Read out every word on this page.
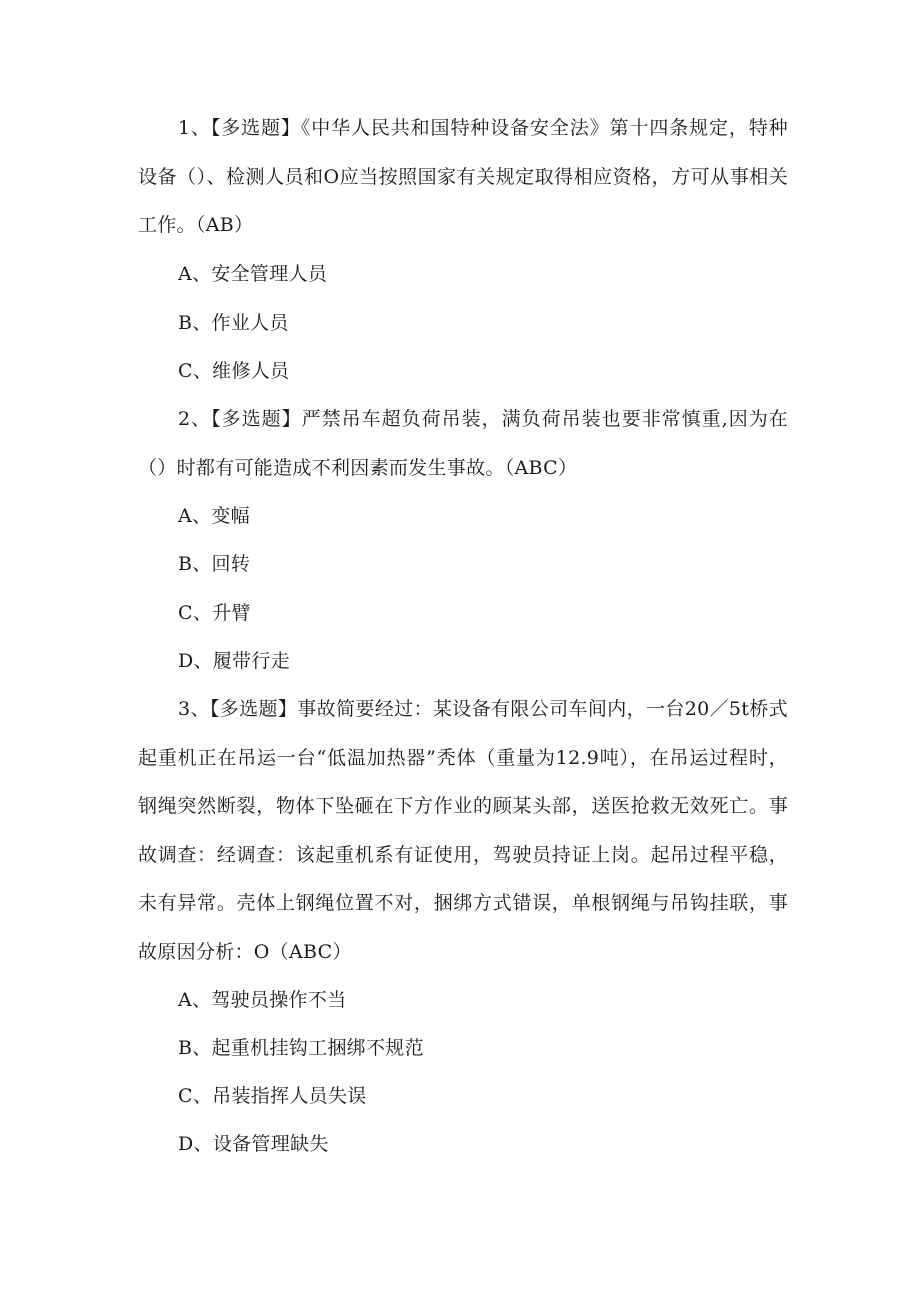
1、【多选题】《中华人民共和国特种设备安全法》第十四条规定，特种设备（）、检测人员和O应当按照国家有关规定取得相应资格，方可从事相关工作。（AB）

A、安全管理人员

B、作业人员

C、维修人员

2、【多选题】严禁吊车超负荷吊装，满负荷吊装也要非常慎重,因为在（）时都有可能造成不利因素而发生事故。（ABC）

A、变幅

B、回转

C、升臂

D、履带行走

3、【多选题】事故简要经过：某设备有限公司车间内，一台20／5t桥式起重机正在吊运一台“低温加热器”秃体（重量为12.9吨），在吊运过程时，钢绳突然断裂，物体下坠砸在下方作业的顾某头部，送医抢救无效死亡。事故调查：经调查：该起重机系有证使用，驾驶员持证上岗。起吊过程平稳，未有异常。壳体上钢绳位置不对，捆绑方式错误，单根钢绳与吊钩挂联，事故原因分析：O（ABC）

A、驾驶员操作不当

B、起重机挂钩工捆绑不规范

C、吊装指挥人员失误

D、设备管理缺失
